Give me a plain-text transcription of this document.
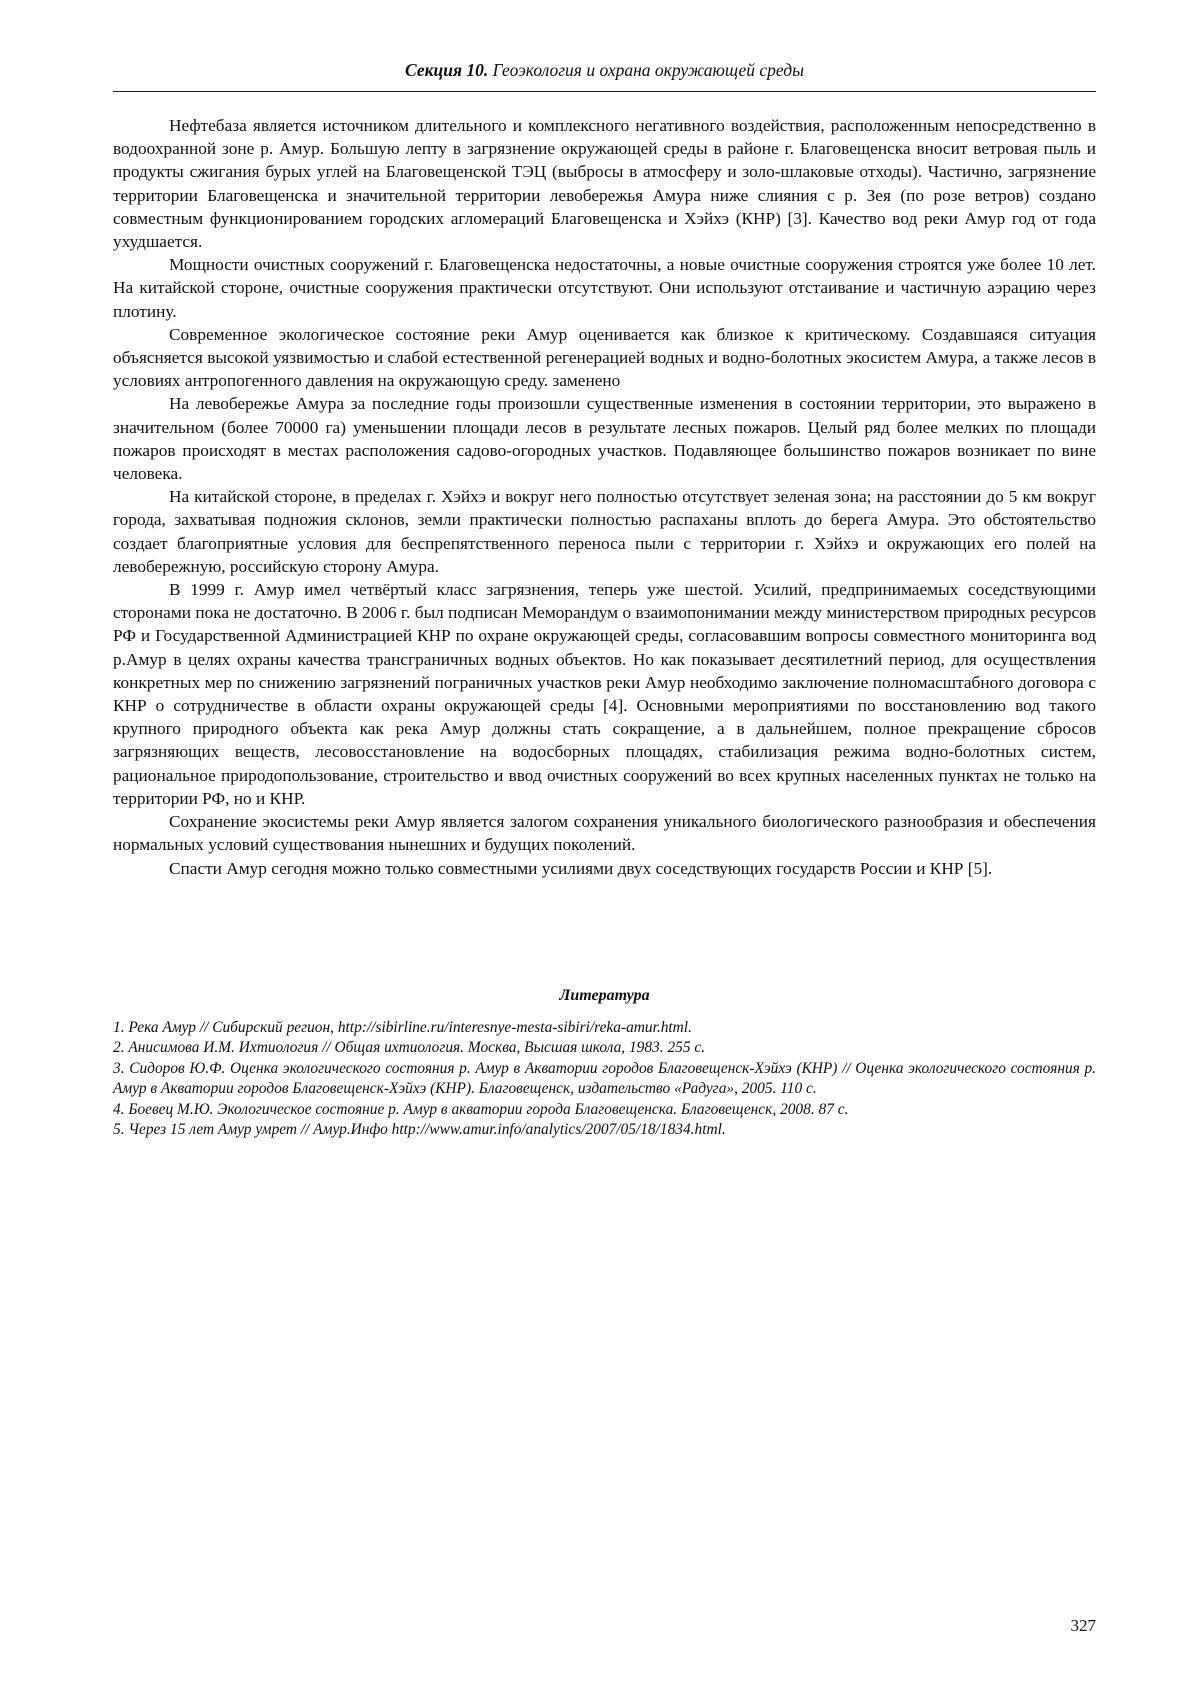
Секция 10. Геоэкология и охрана окружающей среды

Нефтебаза является источником длительного и комплексного негативного воздействия, расположенным непосредственно в водоохранной зоне р. Амур. Большую лепту в загрязнение окружающей среды в районе г. Благовещенска вносит ветровая пыль и продукты сжигания бурых углей на Благовещенской ТЭЦ (выбросы в атмосферу и золо-шлаковые отходы). Частично, загрязнение территории Благовещенска и значительной территории левобережья Амура ниже слияния с р. Зея (по розе ветров) создано совместным функционированием городских агломераций Благовещенска и Хэйхэ (КНР) [3]. Качество вод реки Амур год от года ухудшается.

Мощности очистных сооружений г. Благовещенска недостаточны, а новые очистные сооружения строятся уже более 10 лет. На китайской стороне, очистные сооружения практически отсутствуют. Они используют отстаивание и частичную аэрацию через плотину.

Современное экологическое состояние реки Амур оценивается как близкое к критическому. Создавшаяся ситуация объясняется высокой уязвимостью и слабой естественной регенерацией водных и водно-болотных экосистем Амура, а также лесов в условиях антропогенного давления на окружающую среду. заменено

На левобережье Амура за последние годы произошли существенные изменения в состоянии территории, это выражено в значительном (более 70000 га) уменьшении площади лесов в результате лесных пожаров. Целый ряд более мелких по площади пожаров происходят в местах расположения садово-огородных участков. Подавляющее большинство пожаров возникает по вине человека.

На китайской стороне, в пределах г. Хэйхэ и вокруг него полностью отсутствует зеленая зона; на расстоянии до 5 км вокруг города, захватывая подножия склонов, земли практически полностью распаханы вплоть до берега Амура. Это обстоятельство создает благоприятные условия для беспрепятственного переноса пыли с территории г. Хэйхэ и окружающих его полей на левобережную, российскую сторону Амура.

В 1999 г. Амур имел четвёртый класс загрязнения, теперь уже шестой. Усилий, предпринимаемых соседствующими сторонами пока не достаточно. В 2006 г. был подписан Меморандум о взаимопонимании между министерством природных ресурсов РФ и Государственной Администрацией КНР по охране окружающей среды, согласовавшим вопросы совместного мониторинга вод р.Амур в целях охраны качества трансграничных водных объектов. Но как показывает десятилетний период, для осуществления конкретных мер по снижению загрязнений пограничных участков реки Амур необходимо заключение полномасштабного договора с КНР о сотрудничестве в области охраны окружающей среды [4]. Основными мероприятиями по восстановлению вод такого крупного природного объекта как река Амур должны стать сокращение, а в дальнейшем, полное прекращение сбросов загрязняющих веществ, лесовосстановление на водосборных площадях, стабилизация режима водно-болотных систем, рациональное природопользование, строительство и ввод очистных сооружений во всех крупных населенных пунктах не только на территории РФ, но и КНР.

Сохранение экосистемы реки Амур является залогом сохранения уникального биологического разнообразия и обеспечения нормальных условий существования нынешних и будущих поколений.

Спасти Амур сегодня можно только совместными усилиями двух соседствующих государств России и КНР [5].

Литература

1. Река Амур // Сибирский регион, http://sibirline.ru/interesnye-mesta-sibiri/reka-amur.html.

2. Анисимова И.М. Ихтиология // Общая ихтиология. Москва, Высшая школа, 1983. 255 с.

3. Сидоров Ю.Ф. Оценка экологического состояния р. Амур в Акватории городов Благовещенск-Хэйхэ (КНР) // Оценка экологического состояния р. Амур в Акватории городов Благовещенск-Хэйхэ (КНР). Благовещенск, издательство «Радуга», 2005. 110 с.

4. Боевец М.Ю. Экологическое состояние р. Амур в акватории города Благовещенска. Благовещенск, 2008. 87 с.

5. Через 15 лет Амур умрет // Амур.Инфо http://www.amur.info/analytics/2007/05/18/1834.html.

327
